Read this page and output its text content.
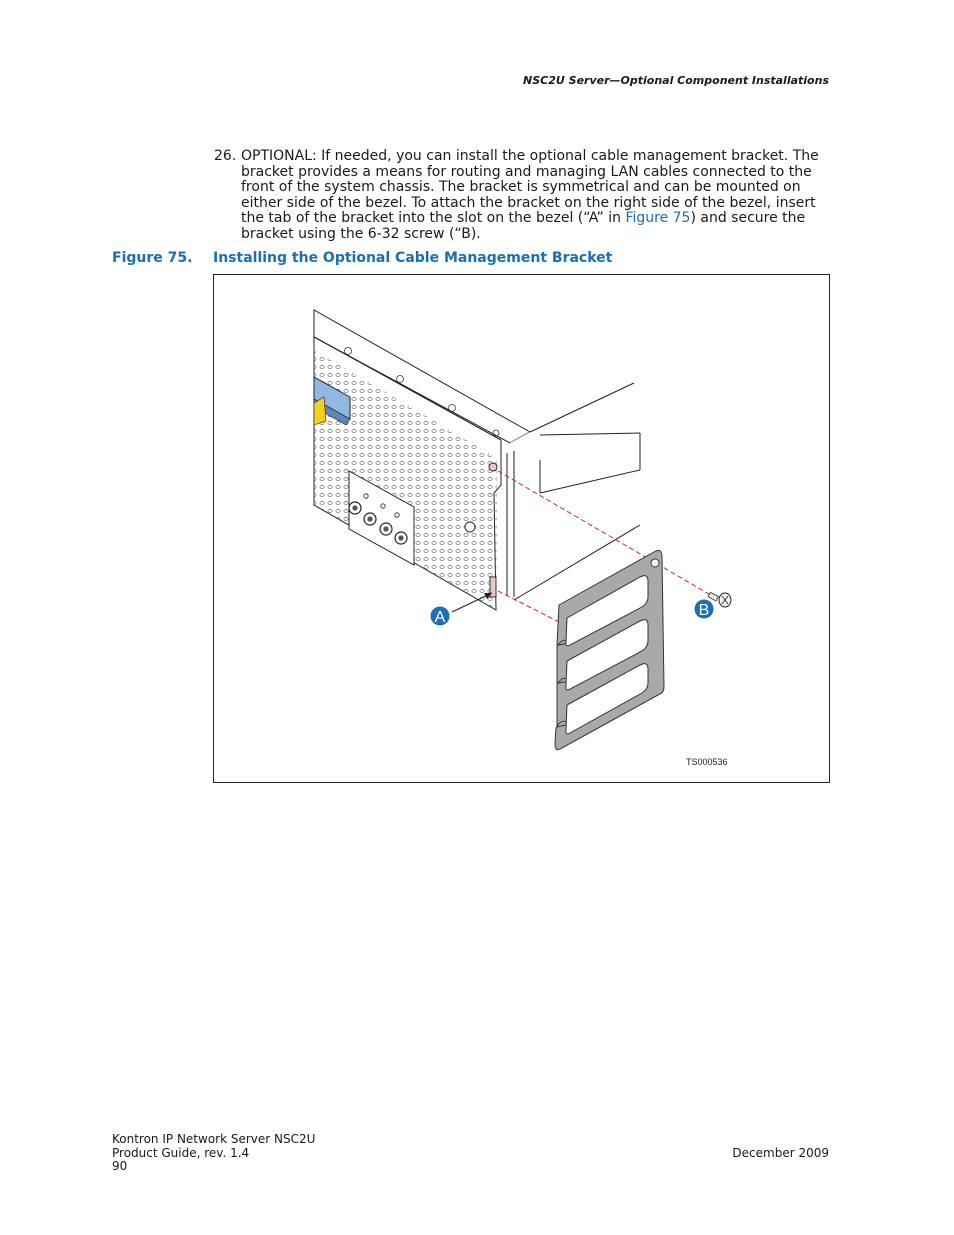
NSC2U Server—Optional Component Installations
26. OPTIONAL: If needed, you can install the optional cable management bracket. The bracket provides a means for routing and managing LAN cables connected to the front of the system chassis. The bracket is symmetrical and can be mounted on either side of the bezel. To attach the bracket on the right side of the bezel, insert the tab of the bracket into the slot on the bezel (“A” in Figure 75) and secure the bracket using the 6-32 screw (“B).
Figure 75. Installing the Optional Cable Management Bracket
A	B
TS000536
Kontron IP Network Server NSC2U
Product Guide, rev. 1.4
90
December 2009
